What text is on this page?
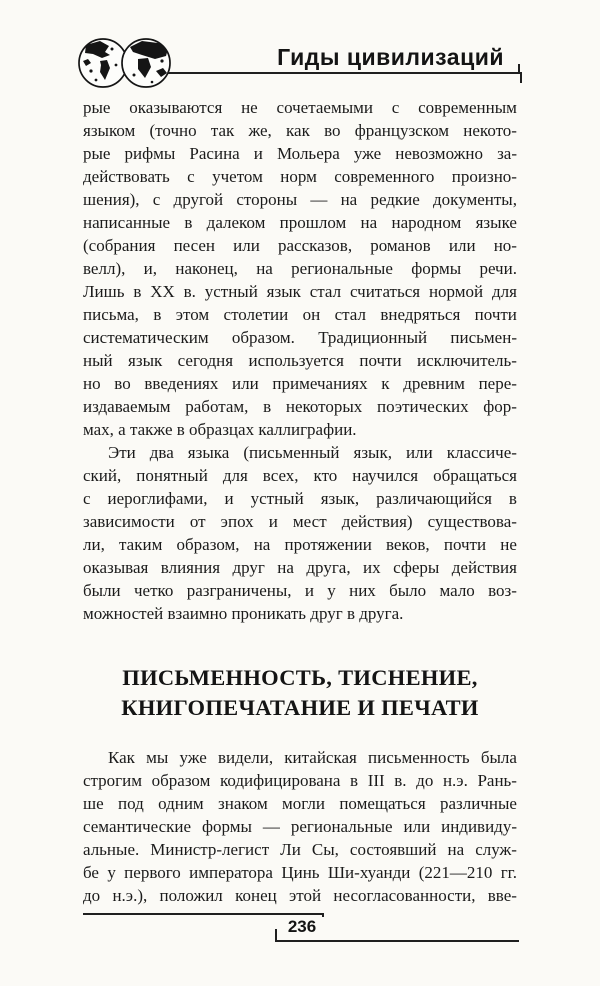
Гиды цивилизаций
рые оказываются не сочетаемыми с современным
языком (точно так же, как во французском некото-
рые рифмы Расина и Мольера уже невозможно за-
действовать с учетом норм современного произно-
шения), с другой стороны — на редкие документы,
написанные в далеком прошлом на народном языке
(собрания песен или рассказов, романов или но-
велл), и, наконец, на региональные формы речи.
Лишь в XX в. устный язык стал считаться нормой для
письма, в этом столетии он стал внедряться почти
систематическим образом. Традиционный письмен-
ный язык сегодня используется почти исключитель-
но во введениях или примечаниях к древним пере-
издаваемым работам, в некоторых поэтических фор-
мах, а также в образцах каллиграфии.
Эти два языка (письменный язык, или классиче-
ский, понятный для всех, кто научился обращаться
с иероглифами, и устный язык, различающийся в
зависимости от эпох и мест действия) существова-
ли, таким образом, на протяжении веков, почти не
оказывая влияния друг на друга, их сферы действия
были четко разграничены, и у них было мало воз-
можностей взаимно проникать друг в друга.
ПИСЬМЕННОСТЬ, ТИСНЕНИЕ,
КНИГОПЕЧАТАНИЕ И ПЕЧАТИ
Как мы уже видели, китайская письменность была
строгим образом кодифицирована в III в. до н.э. Рань-
ше под одним знаком могли помещаться различные
семантические формы — региональные или индивиду-
альные. Министр-легист Ли Сы, состоявший на служ-
бе у первого императора Цинь Ши-хуанди (221—210 гг.
до н.э.), положил конец этой несогласованности, вве-
236
